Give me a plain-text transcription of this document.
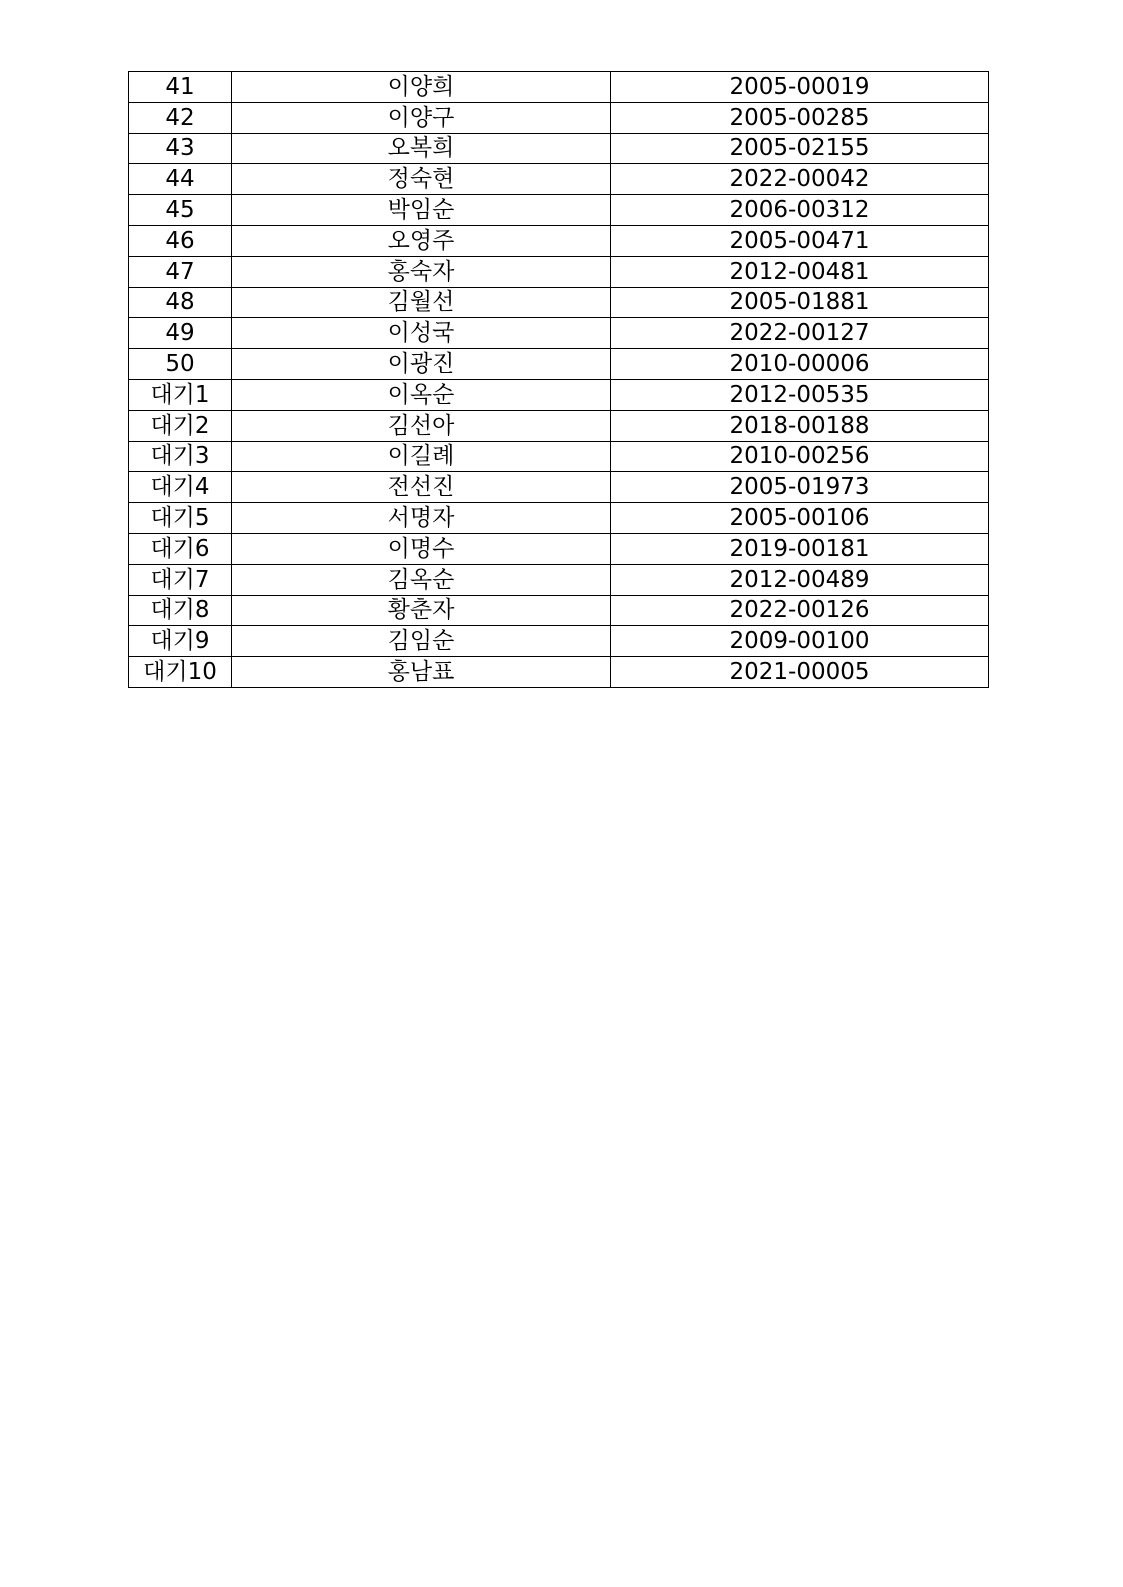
41	이양희	2005-00019
42	이양구	2005-00285
43	오복희	2005-02155
44	정숙현	2022-00042
45	박임순	2006-00312
46	오영주	2005-00471
47	홍숙자	2012-00481
48	김월선	2005-01881
49	이성국	2022-00127
50	이광진	2010-00006
대기1	이옥순	2012-00535
대기2	김선아	2018-00188
대기3	이길례	2010-00256
대기4	전선진	2005-01973
대기5	서명자	2005-00106
대기6	이명수	2019-00181
대기7	김옥순	2012-00489
대기8	황춘자	2022-00126
대기9	김임순	2009-00100
대기10	홍남표	2021-00005
